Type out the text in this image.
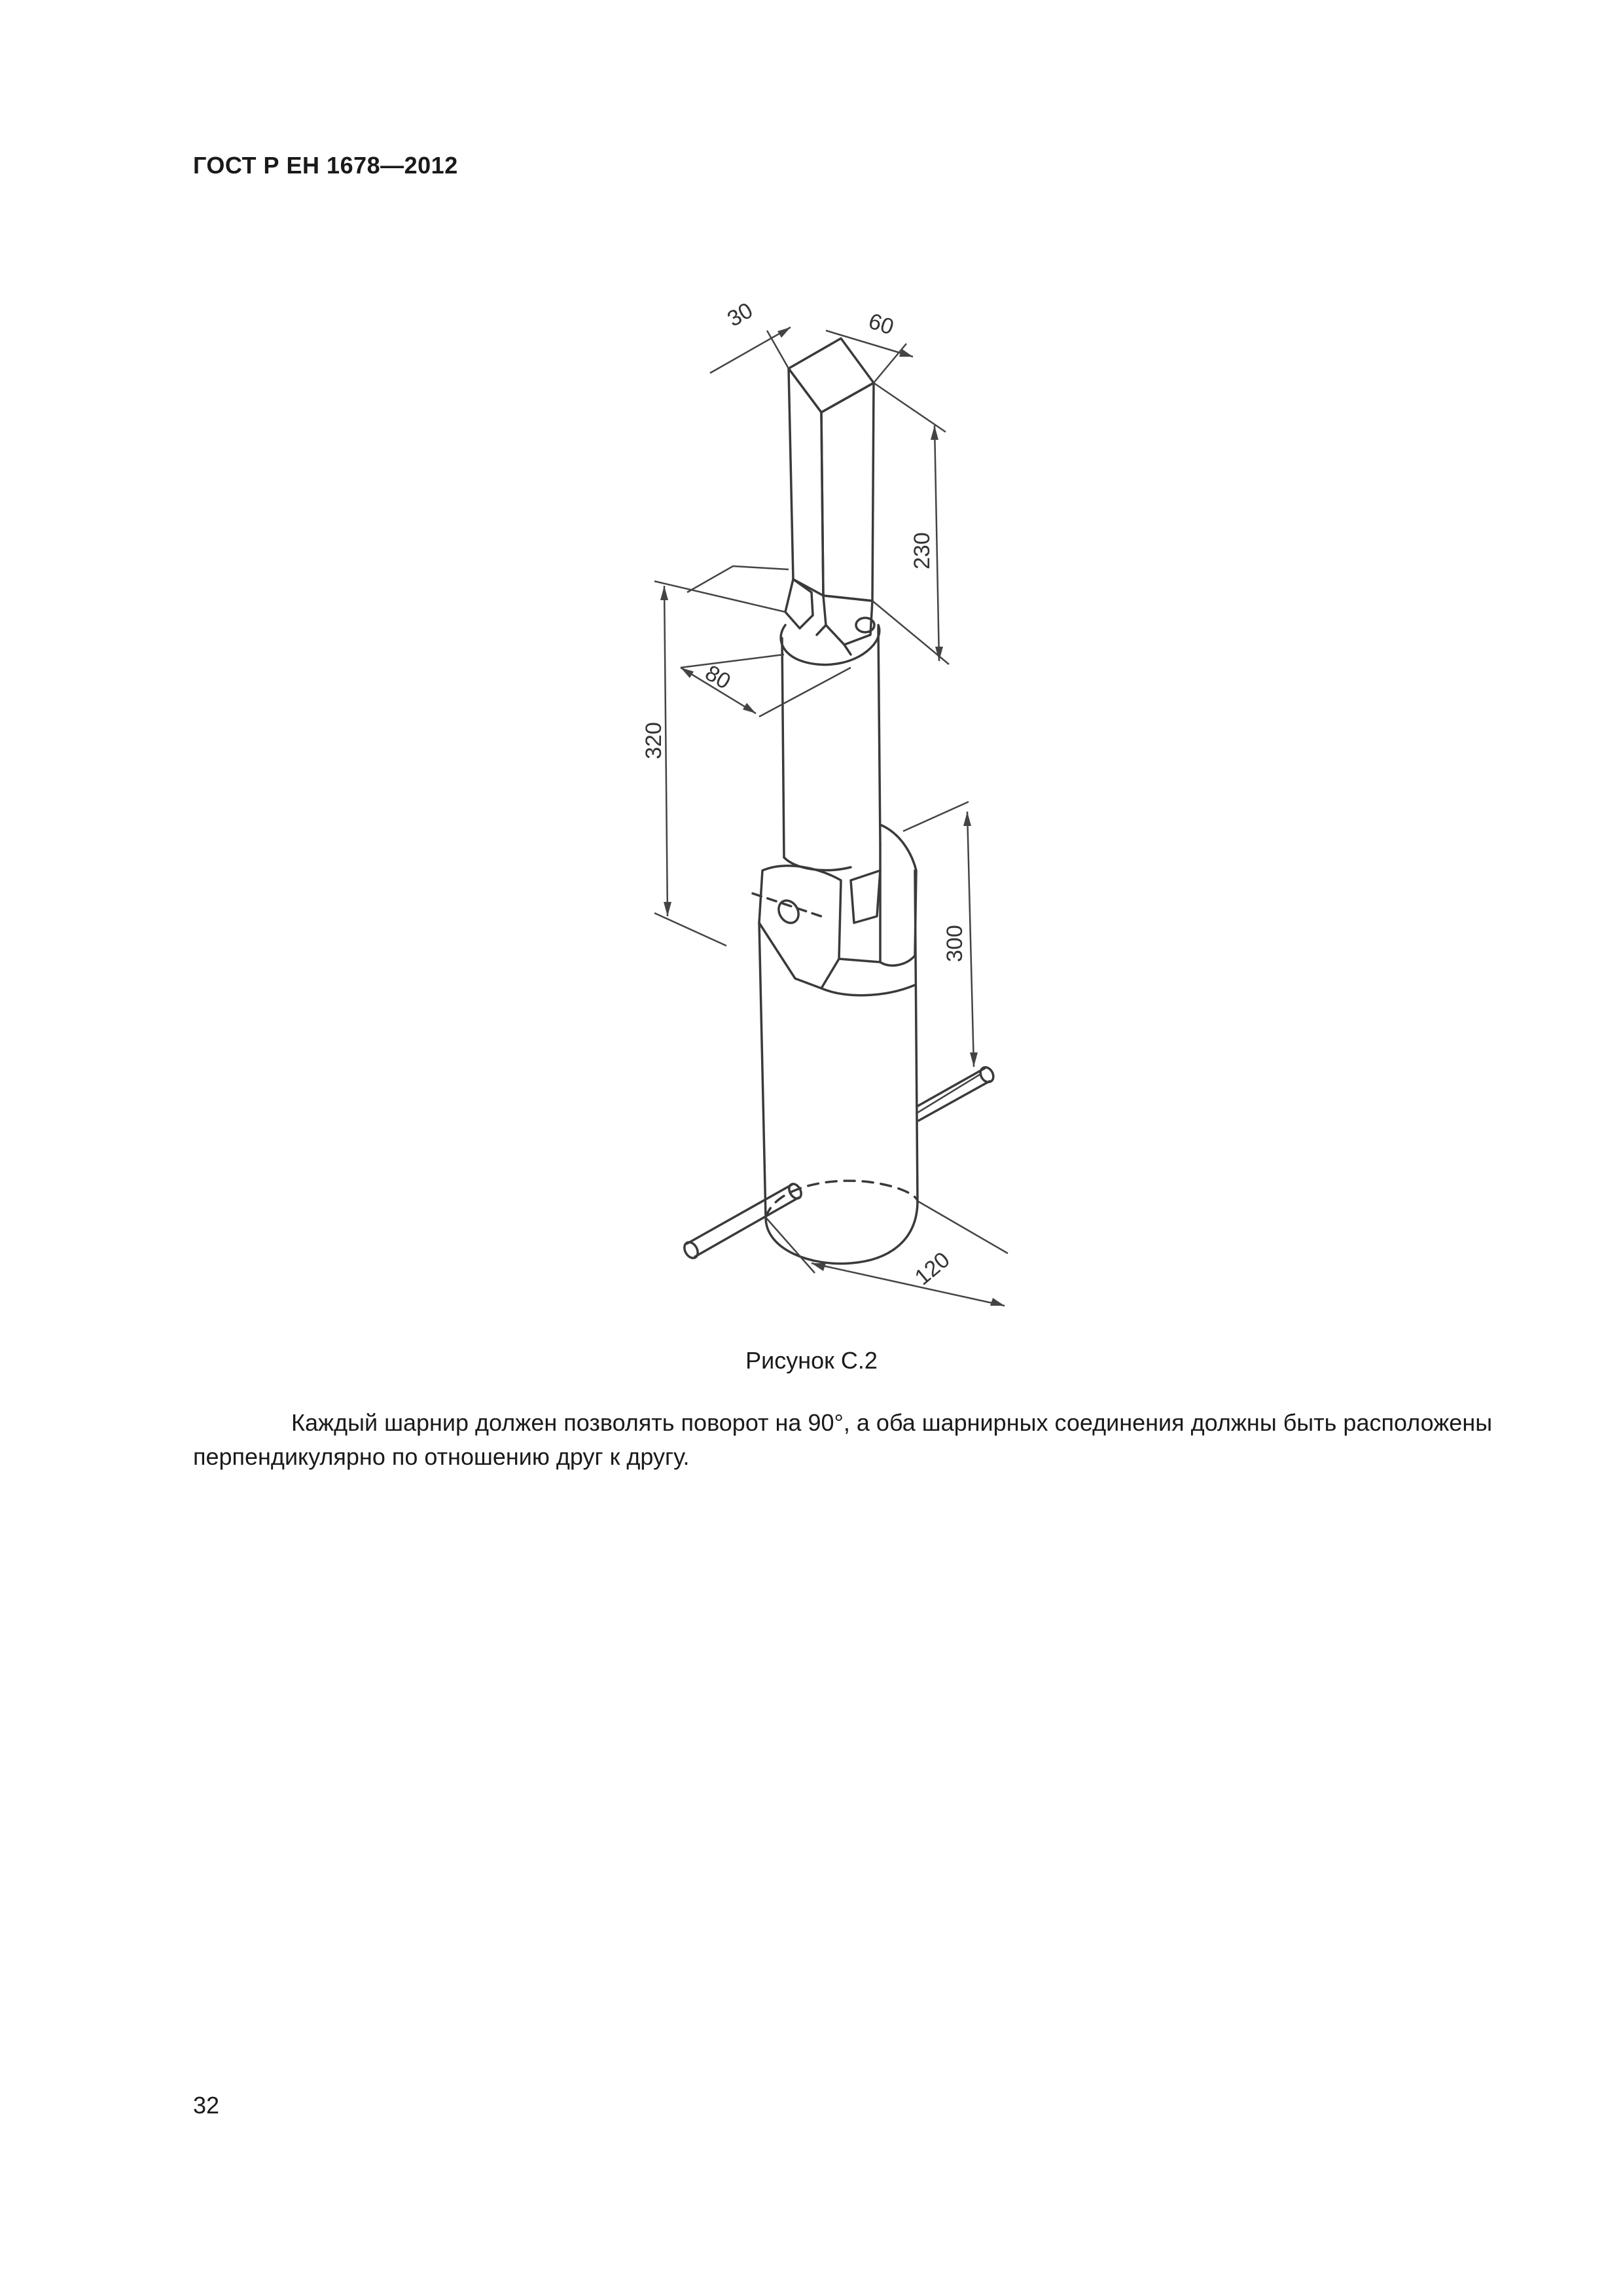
ГОСТ Р ЕН 1678—2012
30	60
230
320
80
300
120
Рисунок С.2
Каждый шарнир должен позволять поворот на 90°, а оба шарнирных соединения должны быть расположены перпендикулярно по отношению друг к другу.
32
